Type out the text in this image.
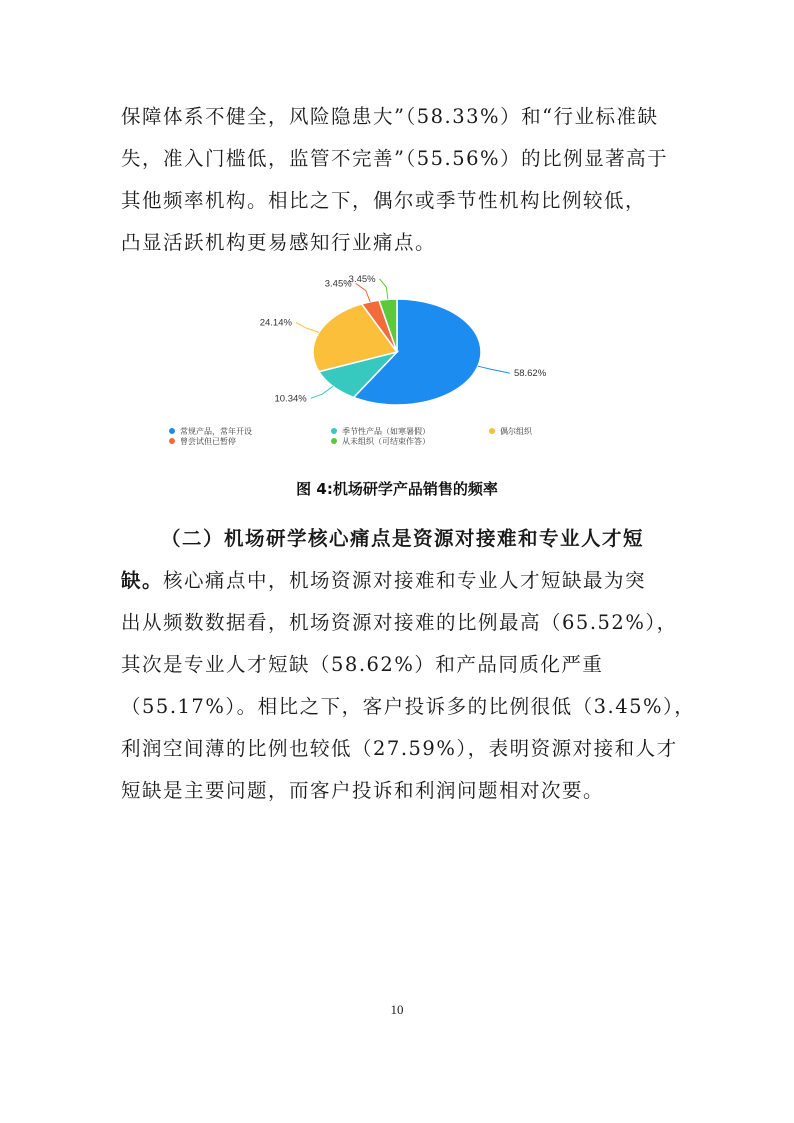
保障体系不健全，风险隐患大”（58.33%）和“行业标准缺
失，准入门槛低，监管不完善”（55.56%）的比例显著高于
其他频率机构。相比之下，偶尔或季节性机构比例较低，
凸显活跃机构更易感知行业痛点。
58.62%
10.34%
24.14%
3.45%
3.45%
常规产品，常年开设	季节性产品（如寒暑假）	偶尔组织
曾尝试但已暂停	从未组织（可结束作答）
图 4:机场研学产品销售的频率
（二）机场研学核心痛点是资源对接难和专业人才短
缺。核心痛点中，机场资源对接难和专业人才短缺最为突
出从频数数据看，机场资源对接难的比例最高（65.52%），
其次是专业人才短缺（58.62%）和产品同质化严重
（55.17%）。相比之下，客户投诉多的比例很低（3.45%），
利润空间薄的比例也较低（27.59%），表明资源对接和人才
短缺是主要问题，而客户投诉和利润问题相对次要。
10
